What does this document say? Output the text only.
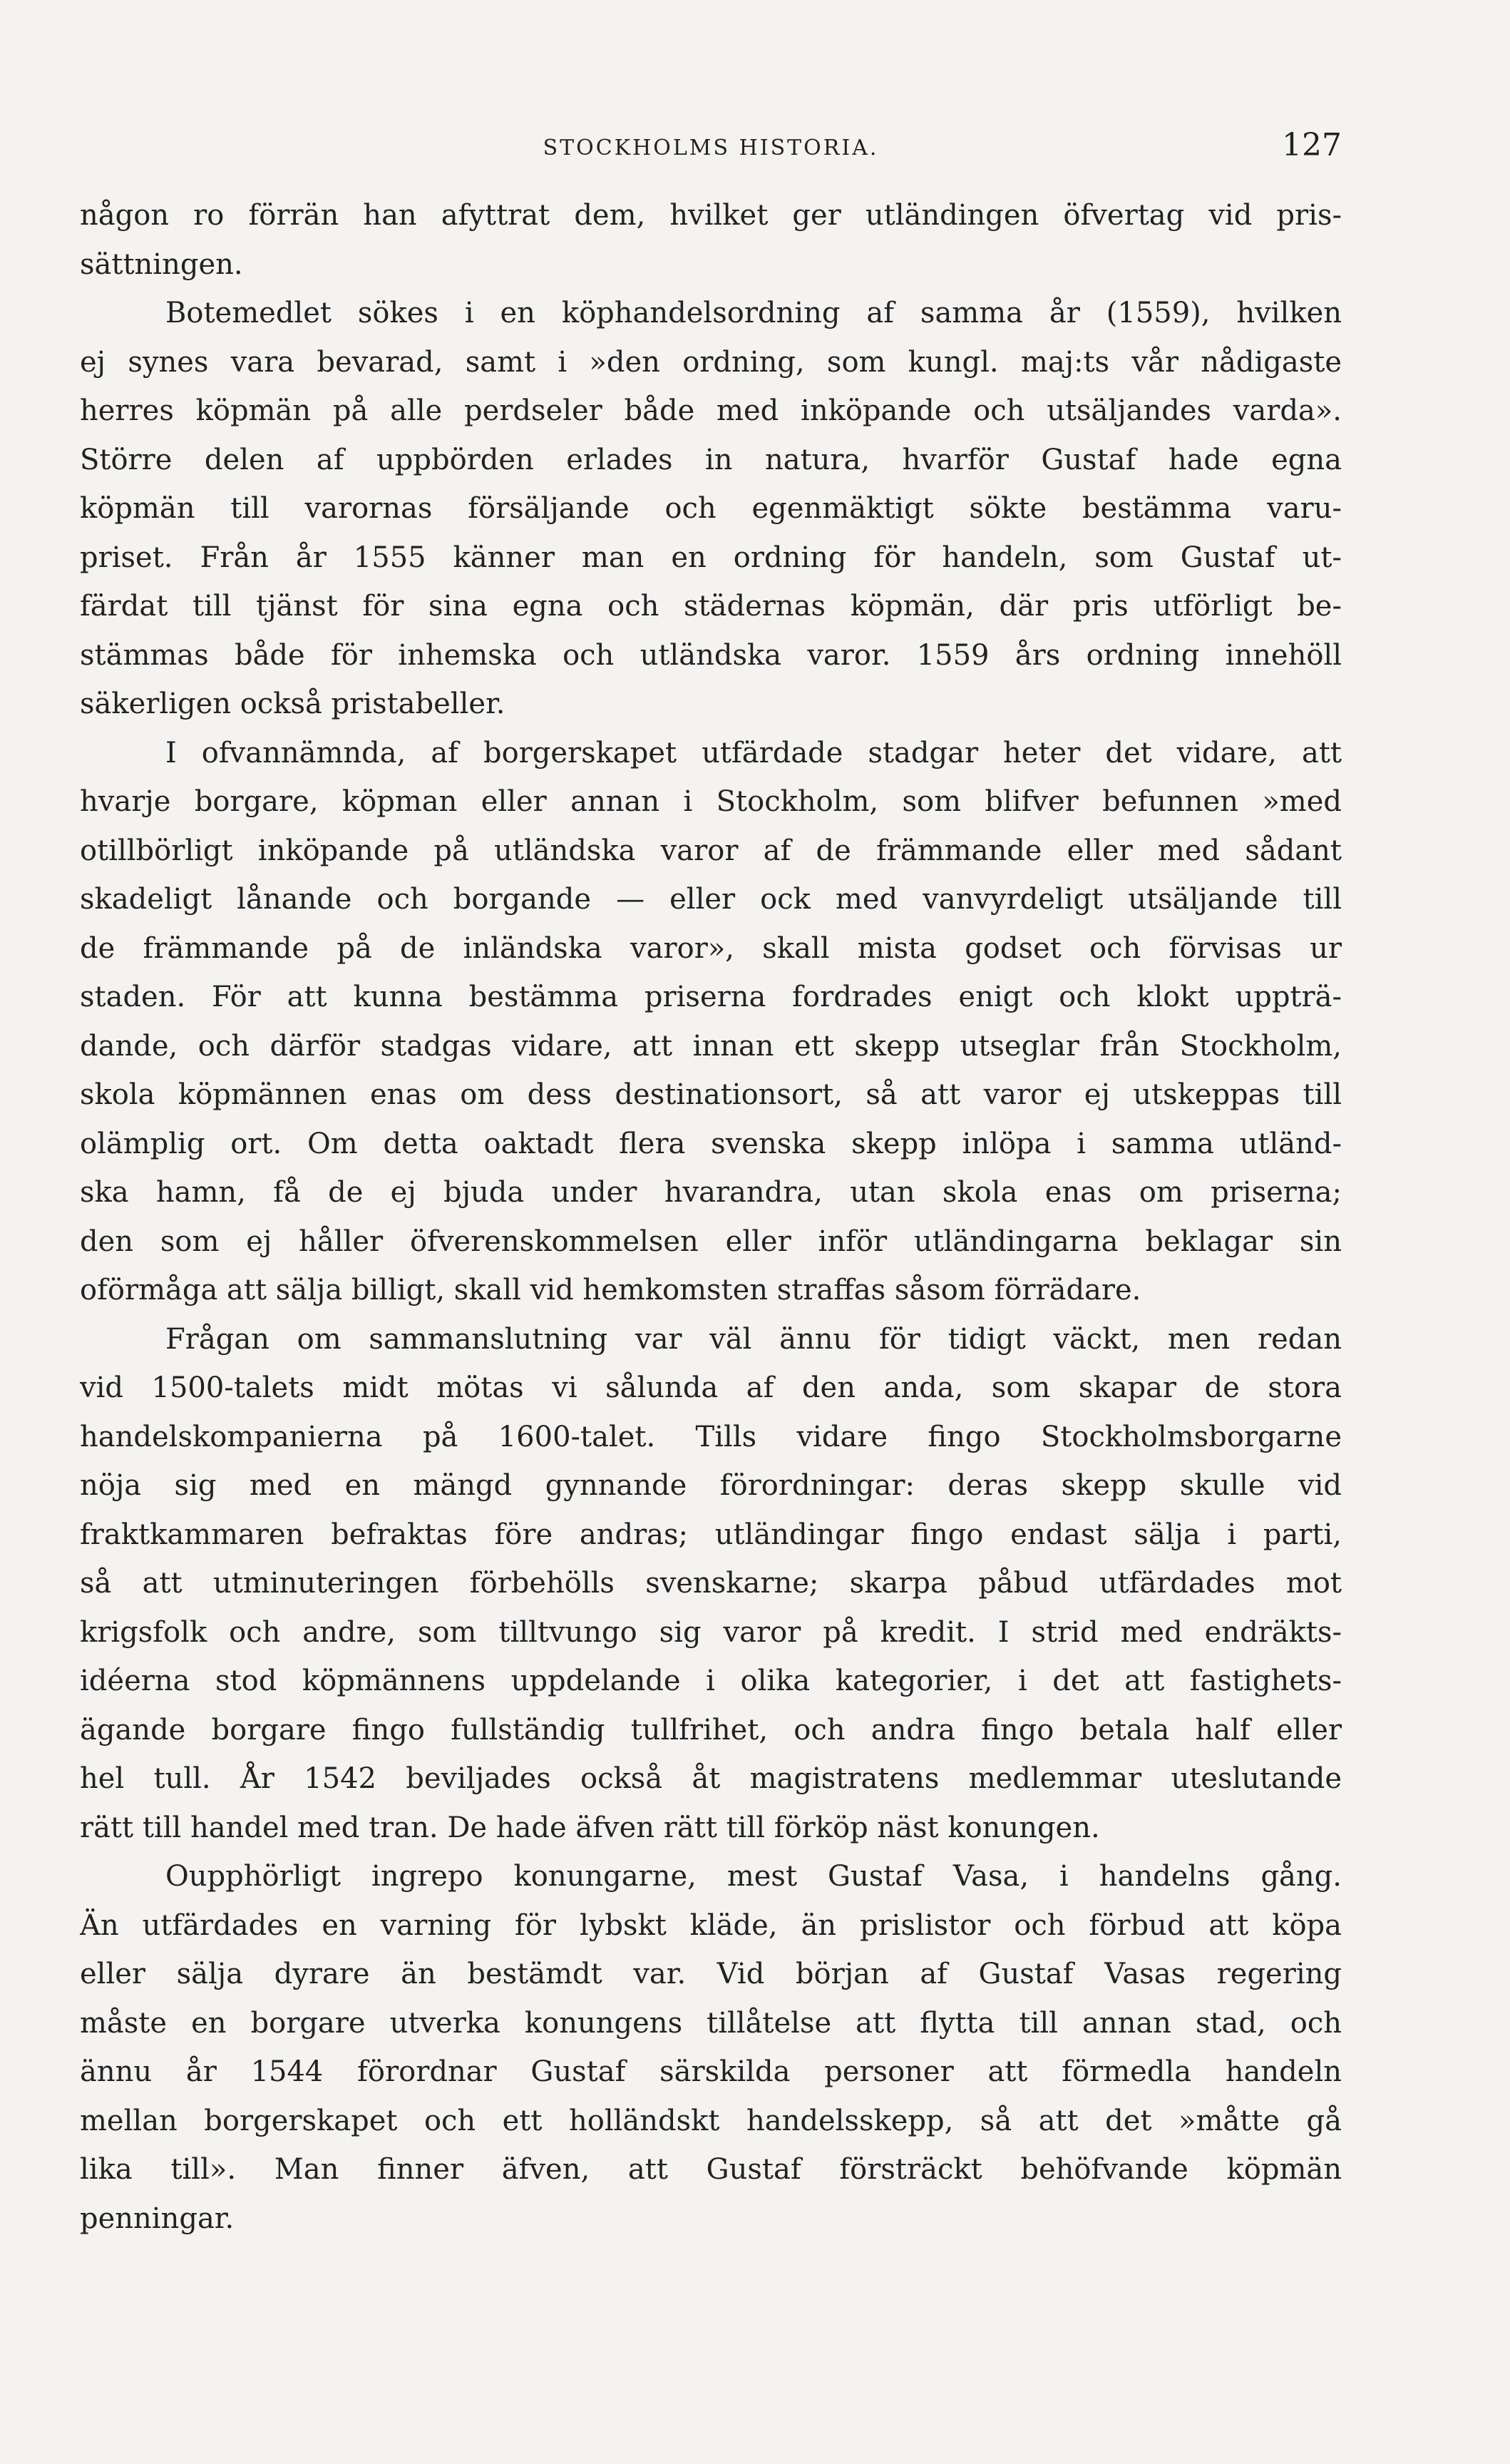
STOCKHOLMS HISTORIA.	127
någon ro förrän han afyttrat dem, hvilket ger utländingen öfvertag vid pris-
sättningen.
Botemedlet sökes i en köphandelsordning af samma år (1559), hvilken
ej synes vara bevarad, samt i »den ordning, som kungl. maj:ts vår nådigaste
herres köpmän på alle perdseler både med inköpande och utsäljandes varda».
Större delen af uppbörden erlades in natura, hvarför Gustaf hade egna
köpmän till varornas försäljande och egenmäktigt sökte bestämma varu-
priset. Från år 1555 känner man en ordning för handeln, som Gustaf ut-
färdat till tjänst för sina egna och städernas köpmän, där pris utförligt be-
stämmas både för inhemska och utländska varor. 1559 års ordning innehöll
säkerligen också pristabeller.
I ofvannämnda, af borgerskapet utfärdade stadgar heter det vidare, att
hvarje borgare, köpman eller annan i Stockholm, som blifver befunnen »med
otillbörligt inköpande på utländska varor af de främmande eller med sådant
skadeligt lånande och borgande — eller ock med vanvyrdeligt utsäljande till
de främmande på de inländska varor», skall mista godset och förvisas ur
staden. För att kunna bestämma priserna fordrades enigt och klokt uppträ-
dande, och därför stadgas vidare, att innan ett skepp utseglar från Stockholm,
skola köpmännen enas om dess destinationsort, så att varor ej utskeppas till
olämplig ort. Om detta oaktadt flera svenska skepp inlöpa i samma utländ-
ska hamn, få de ej bjuda under hvarandra, utan skola enas om priserna;
den som ej håller öfverenskommelsen eller inför utländingarna beklagar sin
oförmåga att sälja billigt, skall vid hemkomsten straffas såsom förrädare.
Frågan om sammanslutning var väl ännu för tidigt väckt, men redan
vid 1500-talets midt mötas vi sålunda af den anda, som skapar de stora
handelskompanierna på 1600-talet. Tills vidare fingo Stockholmsborgarne
nöja sig med en mängd gynnande förordningar: deras skepp skulle vid
fraktkammaren befraktas före andras; utländingar fingo endast sälja i parti,
så att utminuteringen förbehölls svenskarne; skarpa påbud utfärdades mot
krigsfolk och andre, som tilltvungo sig varor på kredit. I strid med endräkts-
idéerna stod köpmännens uppdelande i olika kategorier, i det att fastighets-
ägande borgare fingo fullständig tullfrihet, och andra fingo betala half eller
hel tull. År 1542 beviljades också åt magistratens medlemmar uteslutande
rätt till handel med tran. De hade äfven rätt till förköp näst konungen.
Oupphörligt ingrepo konungarne, mest Gustaf Vasa, i handelns gång.
Än utfärdades en varning för lybskt kläde, än prislistor och förbud att köpa
eller sälja dyrare än bestämdt var. Vid början af Gustaf Vasas regering
måste en borgare utverka konungens tillåtelse att flytta till annan stad, och
ännu år 1544 förordnar Gustaf särskilda personer att förmedla handeln
mellan borgerskapet och ett holländskt handelsskepp, så att det »måtte gå
lika till». Man finner äfven, att Gustaf försträckt behöfvande köpmän
penningar.
